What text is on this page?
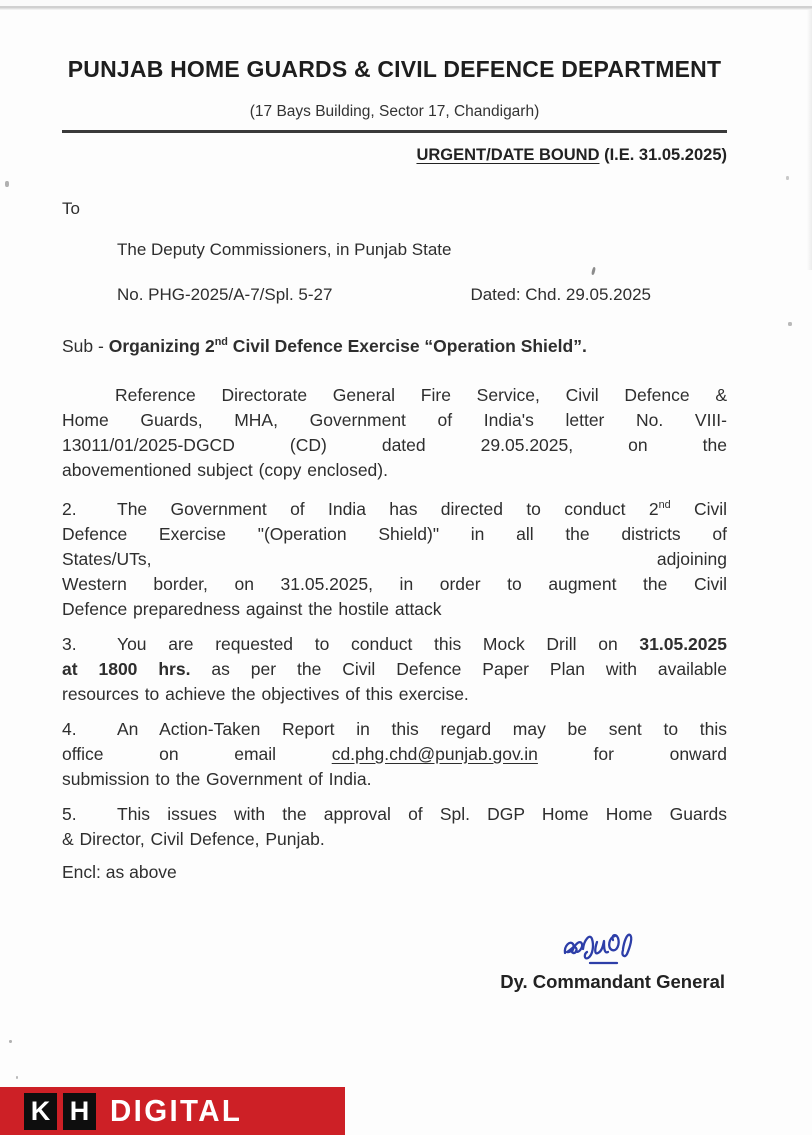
PUNJAB HOME GUARDS & CIVIL DEFENCE DEPARTMENT
(17 Bays Building, Sector 17, Chandigarh)
URGENT/DATE BOUND (I.E. 31.05.2025)
To
The Deputy Commissioners, in Punjab State
No. PHG-2025/A-7/Spl. 5-27	Dated: Chd. 29.05.2025
Sub - Organizing 2nd Civil Defence Exercise “Operation Shield”.
Reference Directorate General Fire Service, Civil Defence &
Home Guards, MHA, Government of India's letter No. VIII-
13011/01/2025-DGCD (CD) dated 29.05.2025, on the
abovementioned subject (copy enclosed).
2. The Government of India has directed to conduct 2nd Civil
Defence Exercise "(Operation Shield)" in all the districts of
States/UTs, adjoining
Western border, on 31.05.2025, in order to augment the Civil
Defence preparedness against the hostile attack
3. You are requested to conduct this Mock Drill on 31.05.2025
at 1800 hrs. as per the Civil Defence Paper Plan with available
resources to achieve the objectives of this exercise.
4. An Action-Taken Report in this regard may be sent to this
office on email cd.phg.chd@punjab.gov.in for onward
submission to the Government of India.
5. This issues with the approval of Spl. DGP Home Home Guards
& Director, Civil Defence, Punjab.
Encl: as above
Dy. Commandant General
K H DIGITAL
